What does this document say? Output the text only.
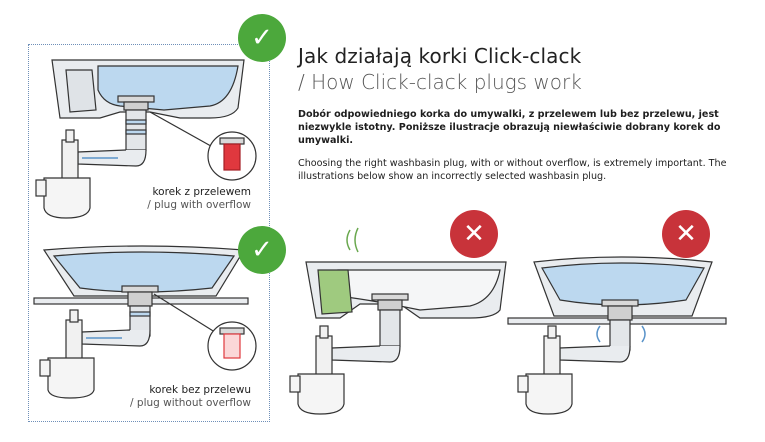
✓
✓
✕	✕
Jak działają korki Click-clack
/ How Click-clack plugs work
Dobór odpowiedniego korka do umywalki, z przelewem lub bez przelewu, jest niezwykle istotny. Poniższe ilustracje obrazują niewłaściwie dobrany korek do umywalki.
Choosing the right washbasin plug, with or without overflow, is extremely important. The illustrations below show an incorrectly selected washbasin plug.
korek z przelewem
/ plug with overflow
korek bez przelewu
/ plug without overflow
